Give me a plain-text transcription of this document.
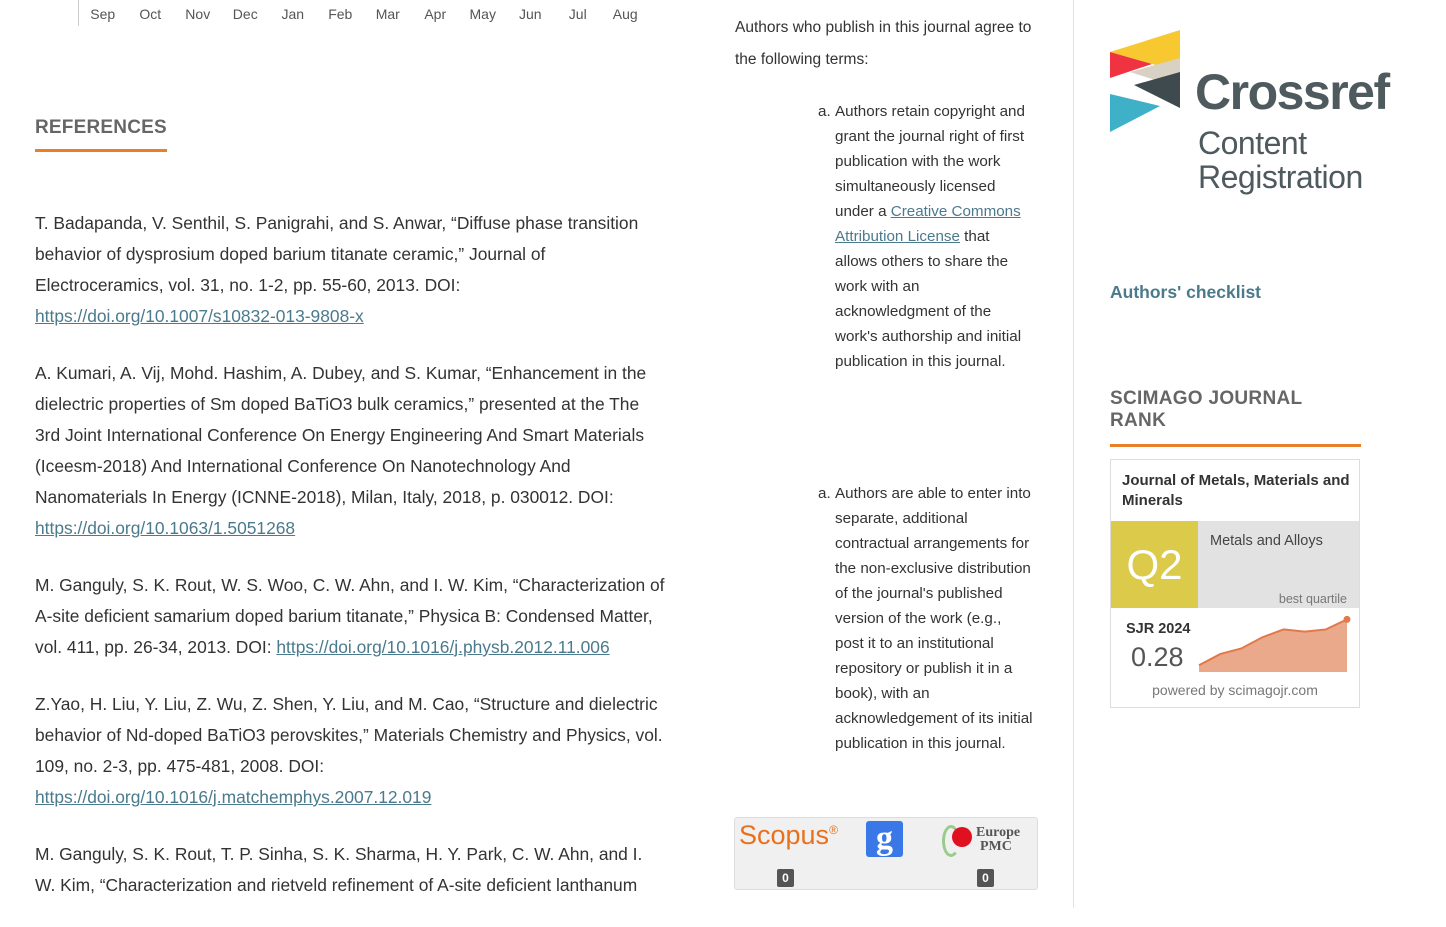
Sep	Oct	Nov	Dec	Jan	Feb	Mar	Apr	May	Jun	Jul	Aug
REFERENCES

T. Badapanda, V. Senthil, S. Panigrahi, and S. Anwar, “Diffuse phase transition behavior of dysprosium doped barium titanate ceramic,” Journal of Electroceramics, vol. 31, no. 1-2, pp. 55-60, 2013. DOI: https://doi.org/10.1007/s10832-013-9808-x

A. Kumari, A. Vij, Mohd. Hashim, A. Dubey, and S. Kumar, “Enhancement in the dielectric properties of Sm doped BaTiO3 bulk ceramics,” presented at the The 3rd Joint International Conference On Energy Engineering And Smart Materials (Iceesm-2018) And International Conference On Nanotechnology And Nanomaterials In Energy (ICNNE-2018), Milan, Italy, 2018, p. 030012. DOI: https://doi.org/10.1063/1.5051268

M. Ganguly, S. K. Rout, W. S. Woo, C. W. Ahn, and I. W. Kim, “Characterization of A-site deficient samarium doped barium titanate,” Physica B: Condensed Matter, vol. 411, pp. 26-34, 2013. DOI: https://doi.org/10.1016/j.physb.2012.11.006

Z.Yao, H. Liu, Y. Liu, Z. Wu, Z. Shen, Y. Liu, and M. Cao, “Structure and dielectric behavior of Nd-doped BaTiO3 perovskites,” Materials Chemistry and Physics, vol. 109, no. 2-3, pp. 475-481, 2008. DOI: https://doi.org/10.1016/j.matchemphys.2007.12.019

M. Ganguly, S. K. Rout, T. P. Sinha, S. K. Sharma, H. Y. Park, C. W. Ahn, and I. W. Kim, “Characterization and rietveld refinement of A-site deficient lanthanum

Authors who publish in this journal agree to the following terms:

a. Authors retain copyright and grant the journal right of first publication with the work simultaneously licensed under a Creative Commons Attribution License that allows others to share the work with an acknowledgment of the work's authorship and initial publication in this journal.
a. Authors are able to enter into separate, additional contractual arrangements for the non-exclusive distribution of the journal's published version of the work (e.g., post it to an institutional repository or publish it in a book), with an acknowledgement of its initial publication in this journal.
Scopus®
0
g	Europe
PMC
0
Crossref
Content
Registration
Authors' checklist
SCIMAGO JOURNAL RANK
Journal of Metals, Materials and Minerals
Q2	Metals and Alloys
best quartile
SJR 2024
0.28
powered by scimagojr.com
